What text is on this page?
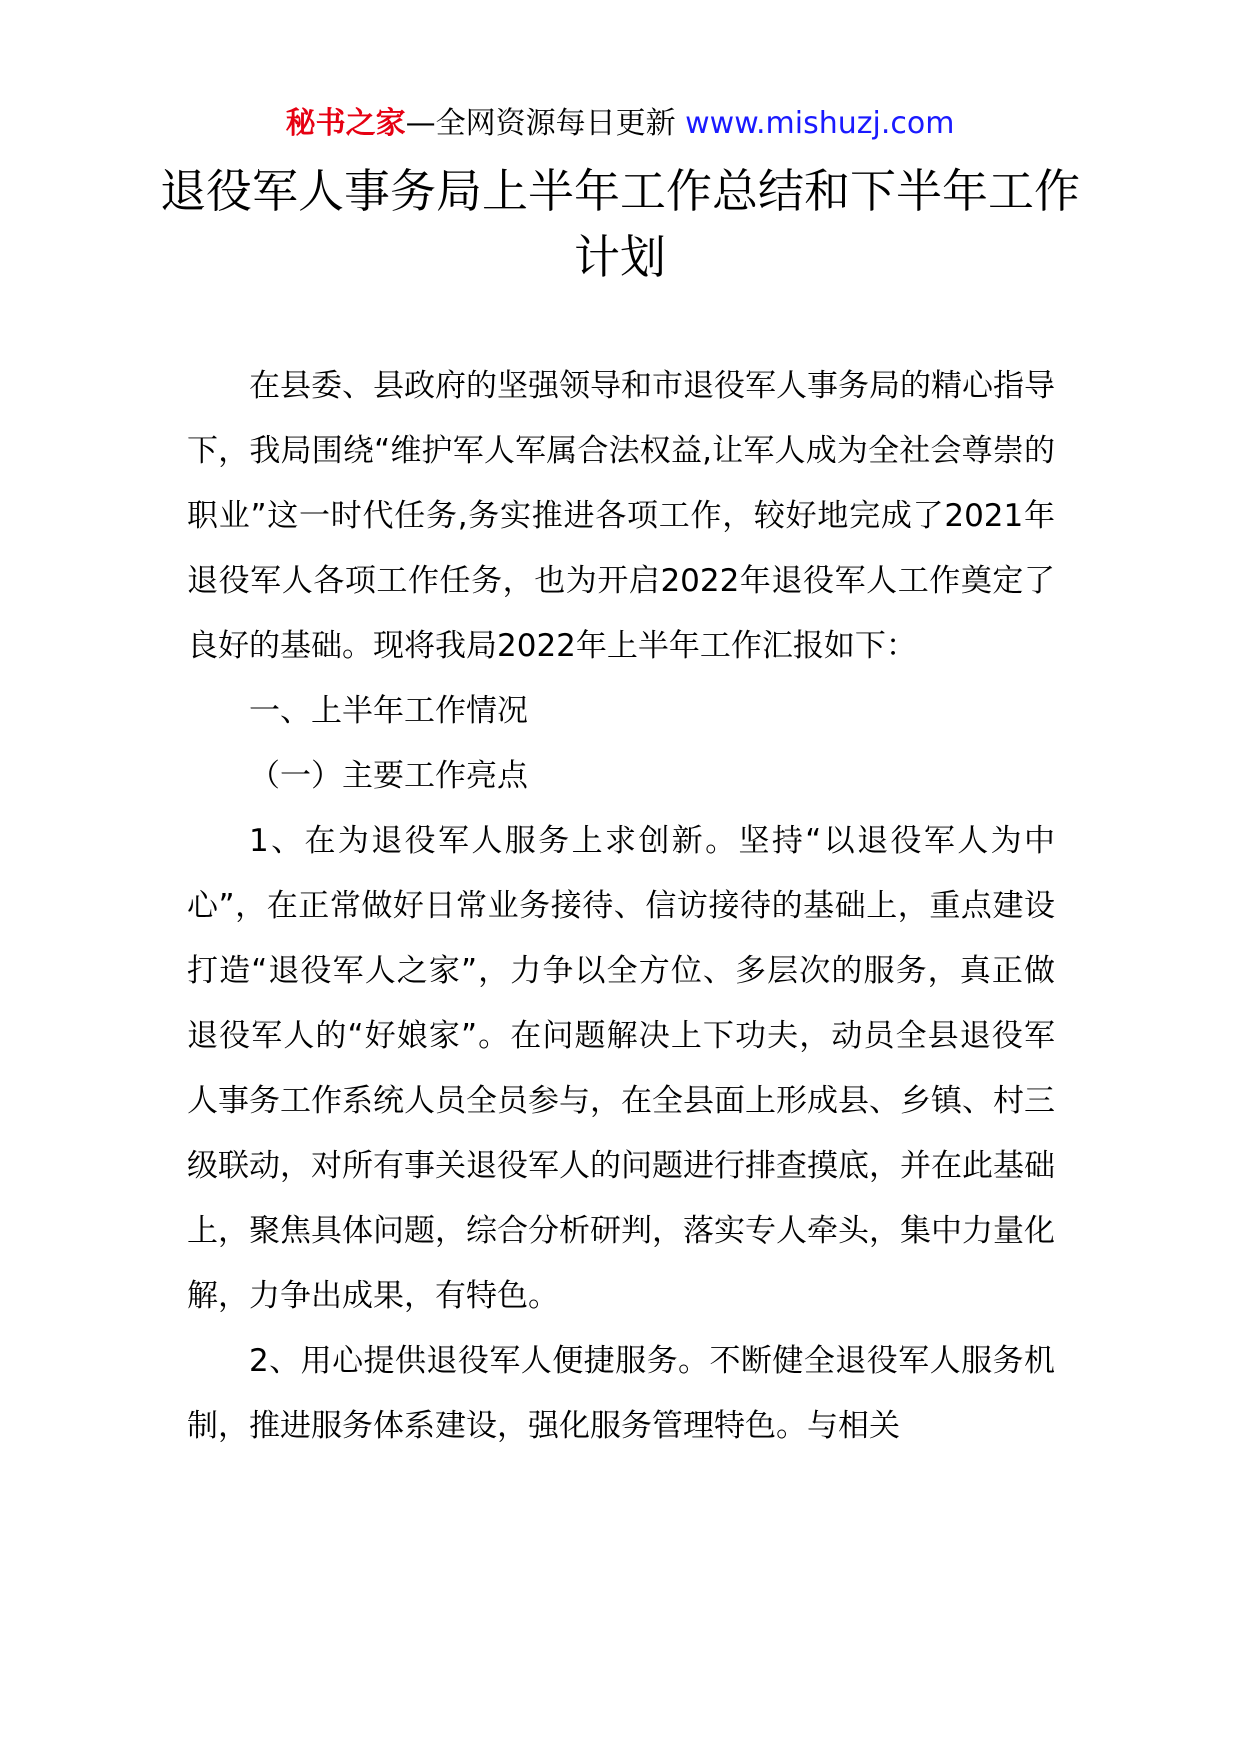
秘书之家—全网资源每日更新 www.mishuzj.com
退役军人事务局上半年工作总结和下半年工作计划

在县委、县政府的坚强领导和市退役军人事务局的精心指导下，我局围绕“维护军人军属合法权益,让军人成为全社会尊崇的职业”这一时代任务,务实推进各项工作，较好地完成了2021年退役军人各项工作任务，也为开启2022年退役军人工作奠定了良好的基础。现将我局2022年上半年工作汇报如下：

一、上半年工作情况

（一）主要工作亮点

1、在为退役军人服务上求创新。坚持“以退役军人为中心”，在正常做好日常业务接待、信访接待的基础上，重点建设打造“退役军人之家”，力争以全方位、多层次的服务，真正做退役军人的“好娘家”。在问题解决上下功夫，动员全县退役军人事务工作系统人员全员参与，在全县面上形成县、乡镇、村三级联动，对所有事关退役军人的问题进行排查摸底，并在此基础上，聚焦具体问题，综合分析研判，落实专人牵头，集中力量化解，力争出成果，有特色。

2、用心提供退役军人便捷服务。不断健全退役军人服务机制，推进服务体系建设，强化服务管理特色。与相关
